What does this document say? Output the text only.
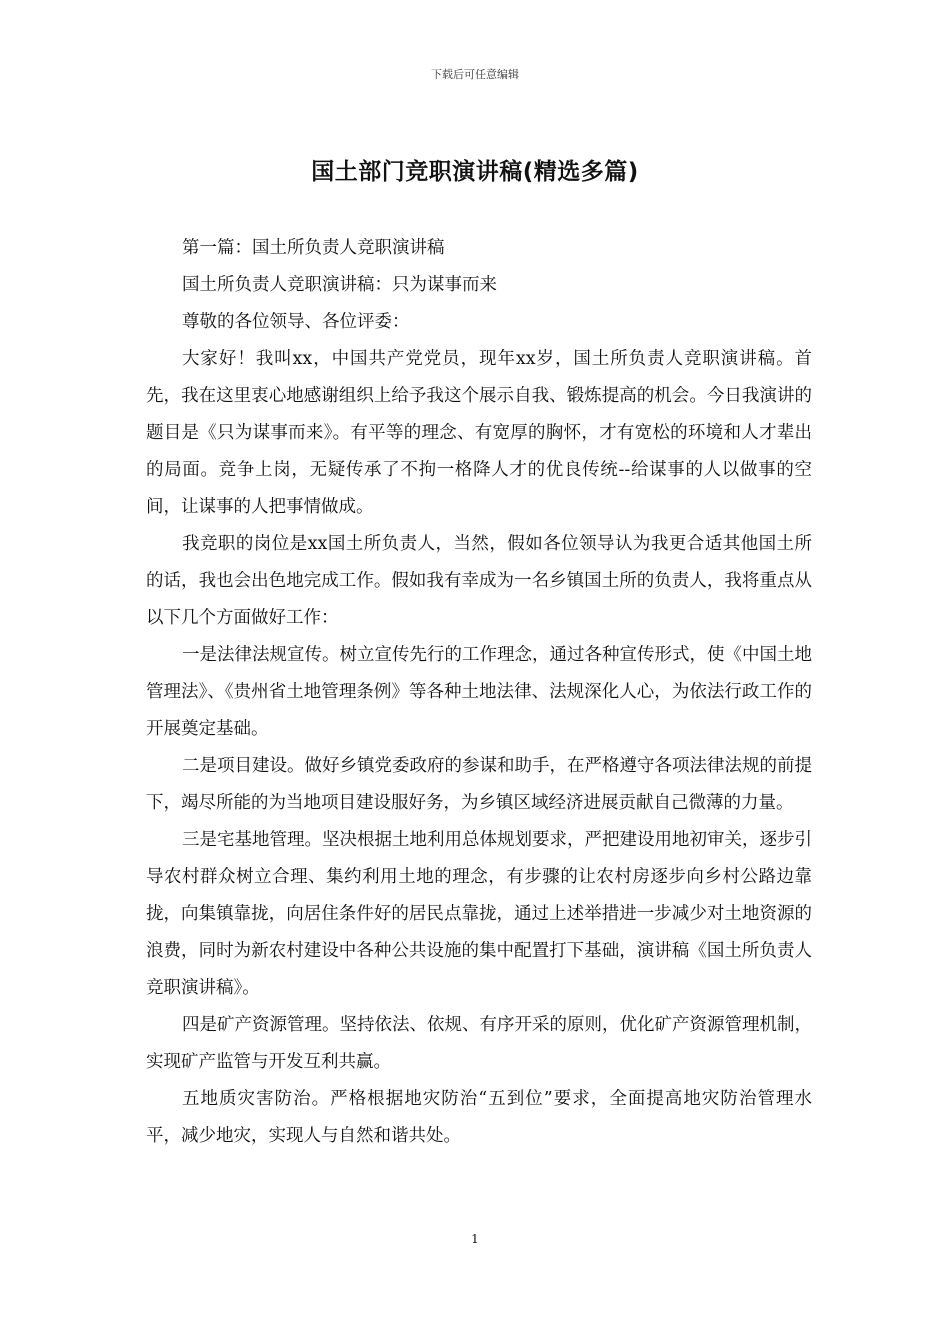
下载后可任意编辑
国土部门竞职演讲稿(精选多篇)

第一篇：国土所负责人竞职演讲稿

国土所负责人竞职演讲稿：只为谋事而来

尊敬的各位领导、各位评委：

大家好！我叫xx，中国共产党党员，现年xx岁，国土所负责人竞职演讲稿。首先，我在这里衷心地感谢组织上给予我这个展示自我、锻炼提高的机会。今日我演讲的题目是《只为谋事而来》。有平等的理念、有宽厚的胸怀，才有宽松的环境和人才辈出的局面。竞争上岗，无疑传承了不拘一格降人才的优良传统--给谋事的人以做事的空间，让谋事的人把事情做成。

我竞职的岗位是xx国土所负责人，当然，假如各位领导认为我更合适其他国土所的话，我也会出色地完成工作。假如我有幸成为一名乡镇国土所的负责人，我将重点从以下几个方面做好工作：

一是法律法规宣传。树立宣传先行的工作理念，通过各种宣传形式，使《中国土地管理法》、《贵州省土地管理条例》等各种土地法律、法规深化人心，为依法行政工作的开展奠定基础。

二是项目建设。做好乡镇党委政府的参谋和助手，在严格遵守各项法律法规的前提下，竭尽所能的为当地项目建设服好务，为乡镇区域经济进展贡献自己微薄的力量。

三是宅基地管理。坚决根据土地利用总体规划要求，严把建设用地初审关，逐步引导农村群众树立合理、集约利用土地的理念，有步骤的让农村房逐步向乡村公路边靠拢，向集镇靠拢，向居住条件好的居民点靠拢，通过上述举措进一步减少对土地资源的浪费，同时为新农村建设中各种公共设施的集中配置打下基础，演讲稿《国土所负责人竞职演讲稿》。

四是矿产资源管理。坚持依法、依规、有序开采的原则，优化矿产资源管理机制，实现矿产监管与开发互利共赢。

五地质灾害防治。严格根据地灾防治“五到位”要求，全面提高地灾防治管理水平，减少地灾，实现人与自然和谐共处。

1
